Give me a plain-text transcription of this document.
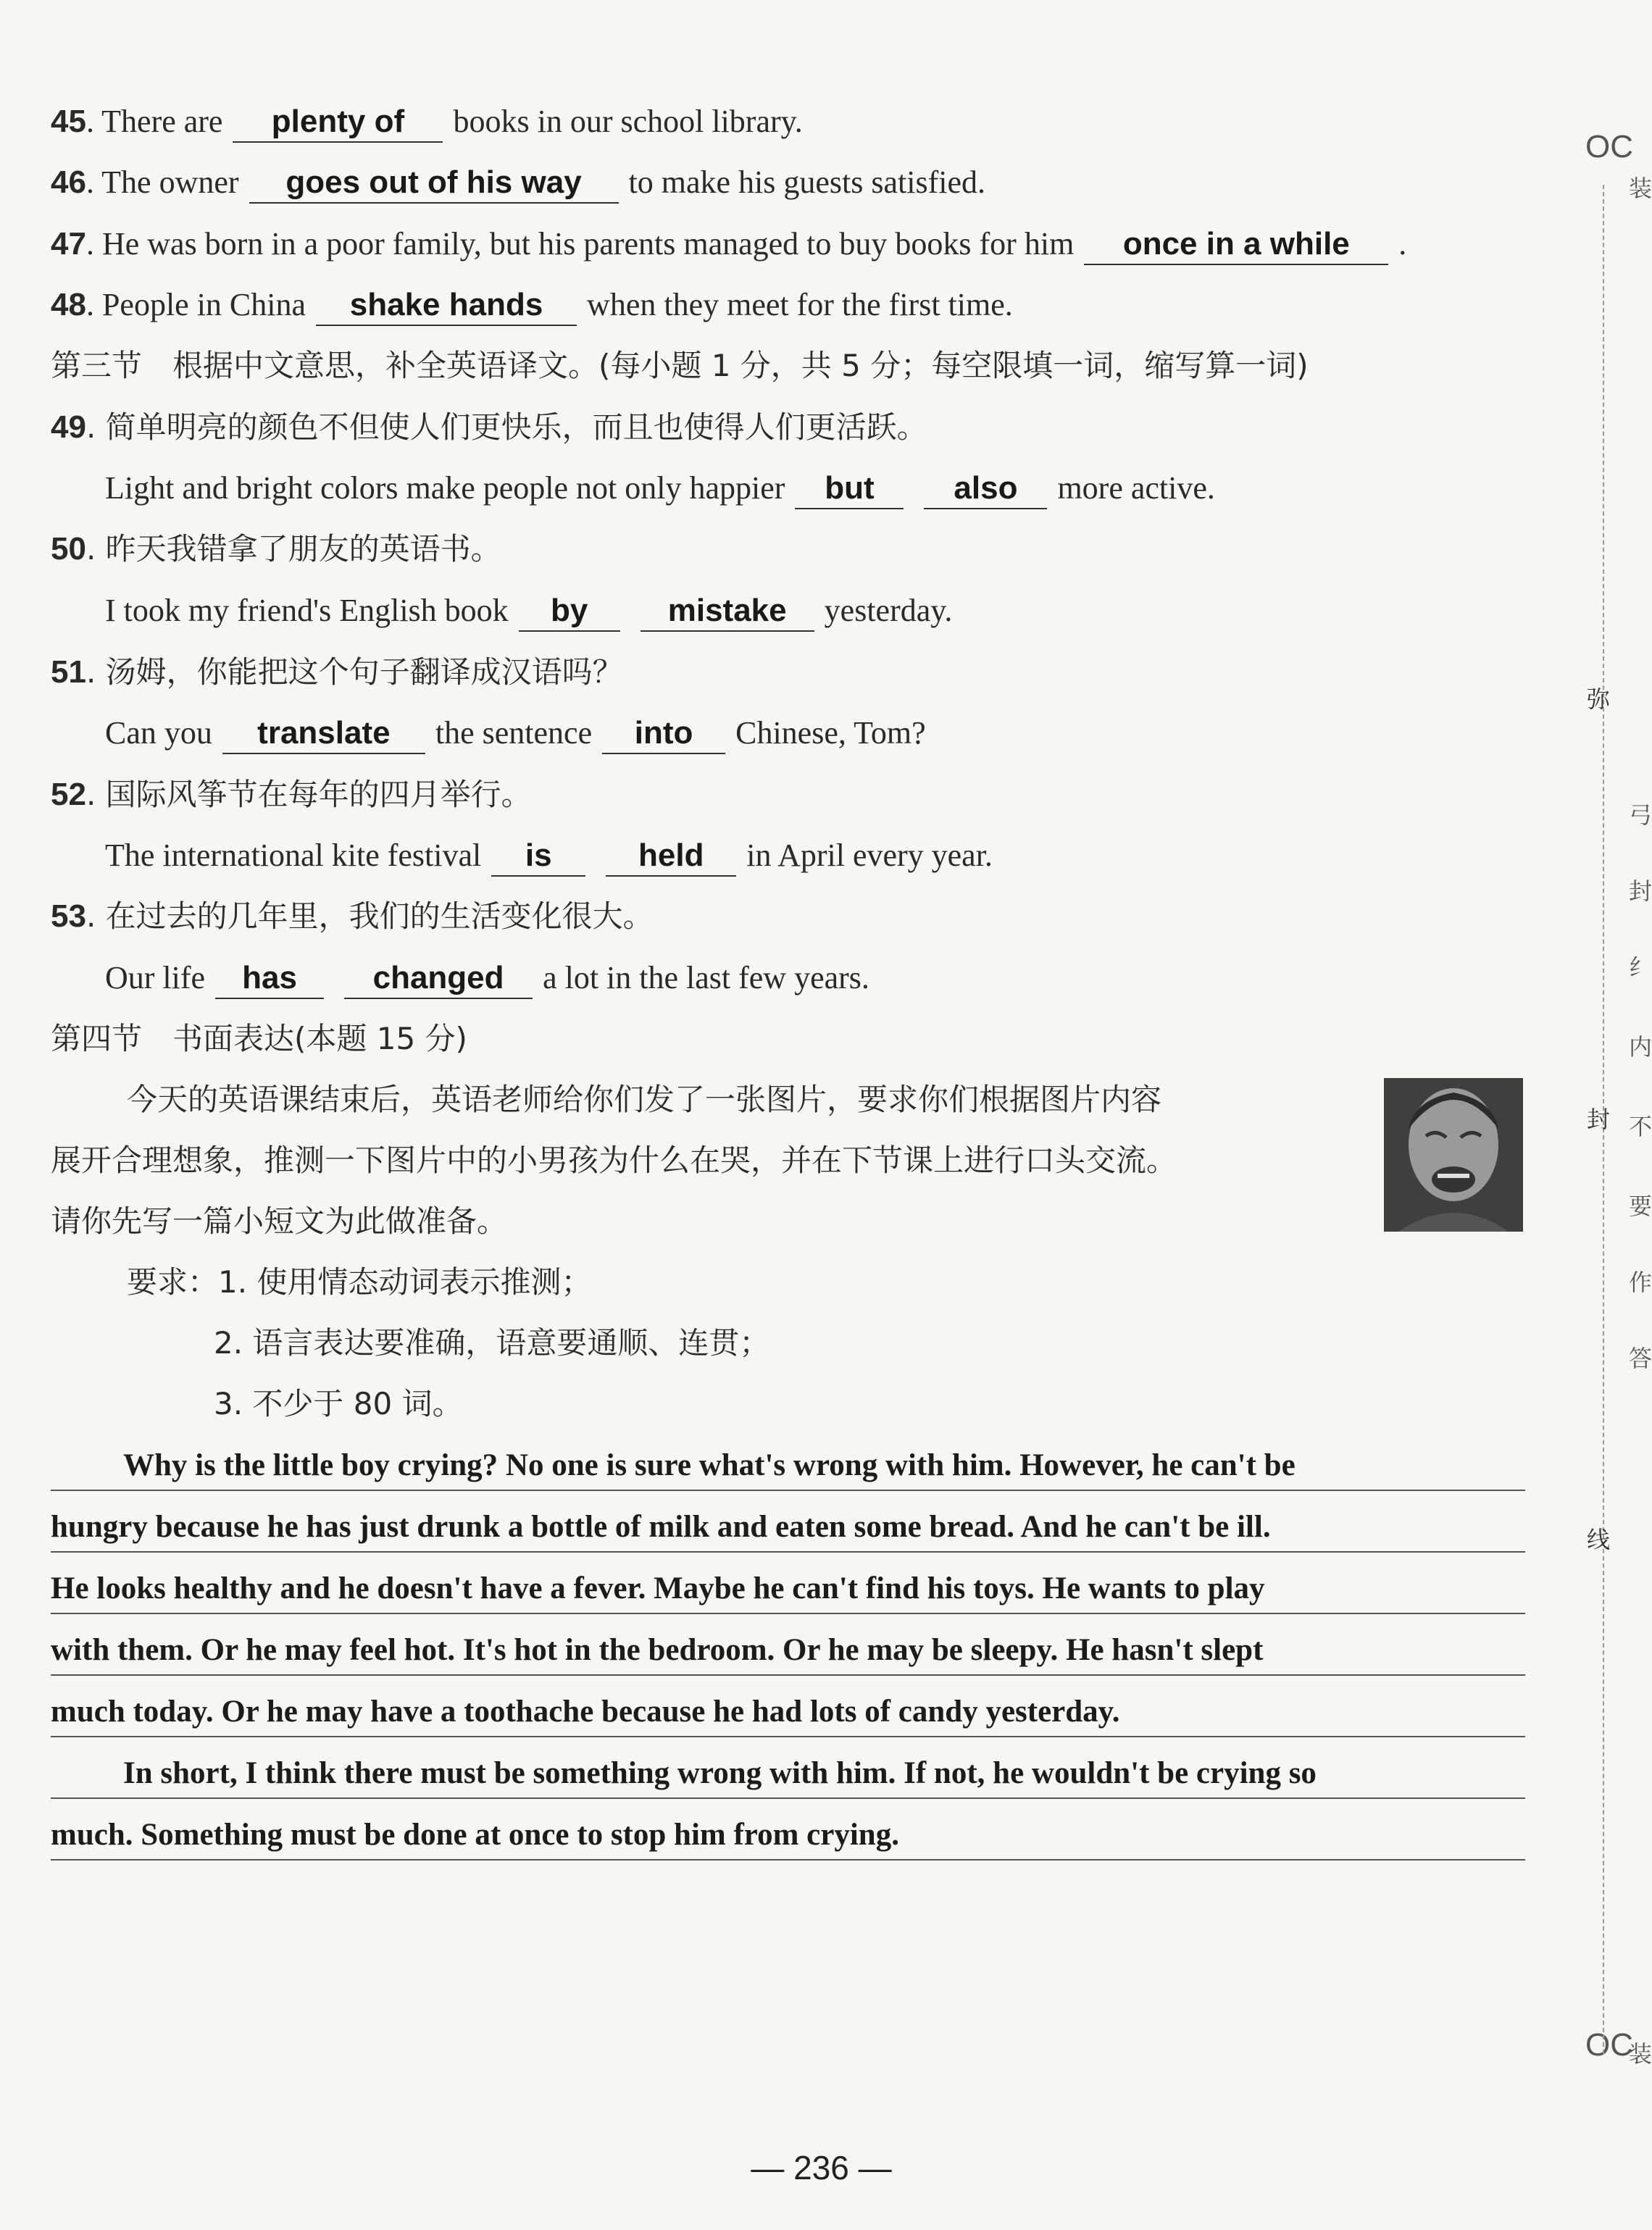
45. There are plenty of books in our school library.
46. The owner goes out of his way to make his guests satisfied.
47. He was born in a poor family, but his parents managed to buy books for him once in a while .
48. People in China shake hands when they meet for the first time.
第三节　根据中文意思，补全英语译文。(每小题 1 分，共 5 分；每空限填一词，缩写算一词)
49. 简单明亮的颜色不但使人们更快乐，而且也使得人们更活跃。
Light and bright colors make people not only happier but also more active.
50. 昨天我错拿了朋友的英语书。
I took my friend's English book by	mistake yesterday.
51. 汤姆，你能把这个句子翻译成汉语吗？
Can you translate the sentence into Chinese, Tom?
52. 国际风筝节在每年的四月举行。
The international kite festival is	held in April every year.
53. 在过去的几年里，我们的生活变化很大。
Our life has changed a lot in the last few years.
第四节　书面表达(本题 15 分)
今天的英语课结束后，英语老师给你们发了一张图片，要求你们根据图片内容
展开合理想象，推测一下图片中的小男孩为什么在哭，并在下节课上进行口头交流。
请你先写一篇小短文为此做准备。
要求：1. 使用情态动词表示推测；
2. 语言表达要准确，语意要通顺、连贯；
3. 不少于 80 词。
Why is the little boy crying? No one is sure what's wrong with him. However, he can't be
hungry because he has just drunk a bottle of milk and eaten some bread. And he can't be ill.
He looks healthy and he doesn't have a fever. Maybe he can't find his toys. He wants to play
with them. Or he may feel hot. It's hot in the bedroom. Or he may be sleepy. He hasn't slept
much today. Or he may have a toothache because he had lots of candy yesterday.
In short, I think there must be something wrong with him. If not, he wouldn't be crying so
much. Something must be done at once to stop him from crying.
OC
OC
弥
封
线
装
弓
封
纟
内
不
要
作
答
装
— 236 —
